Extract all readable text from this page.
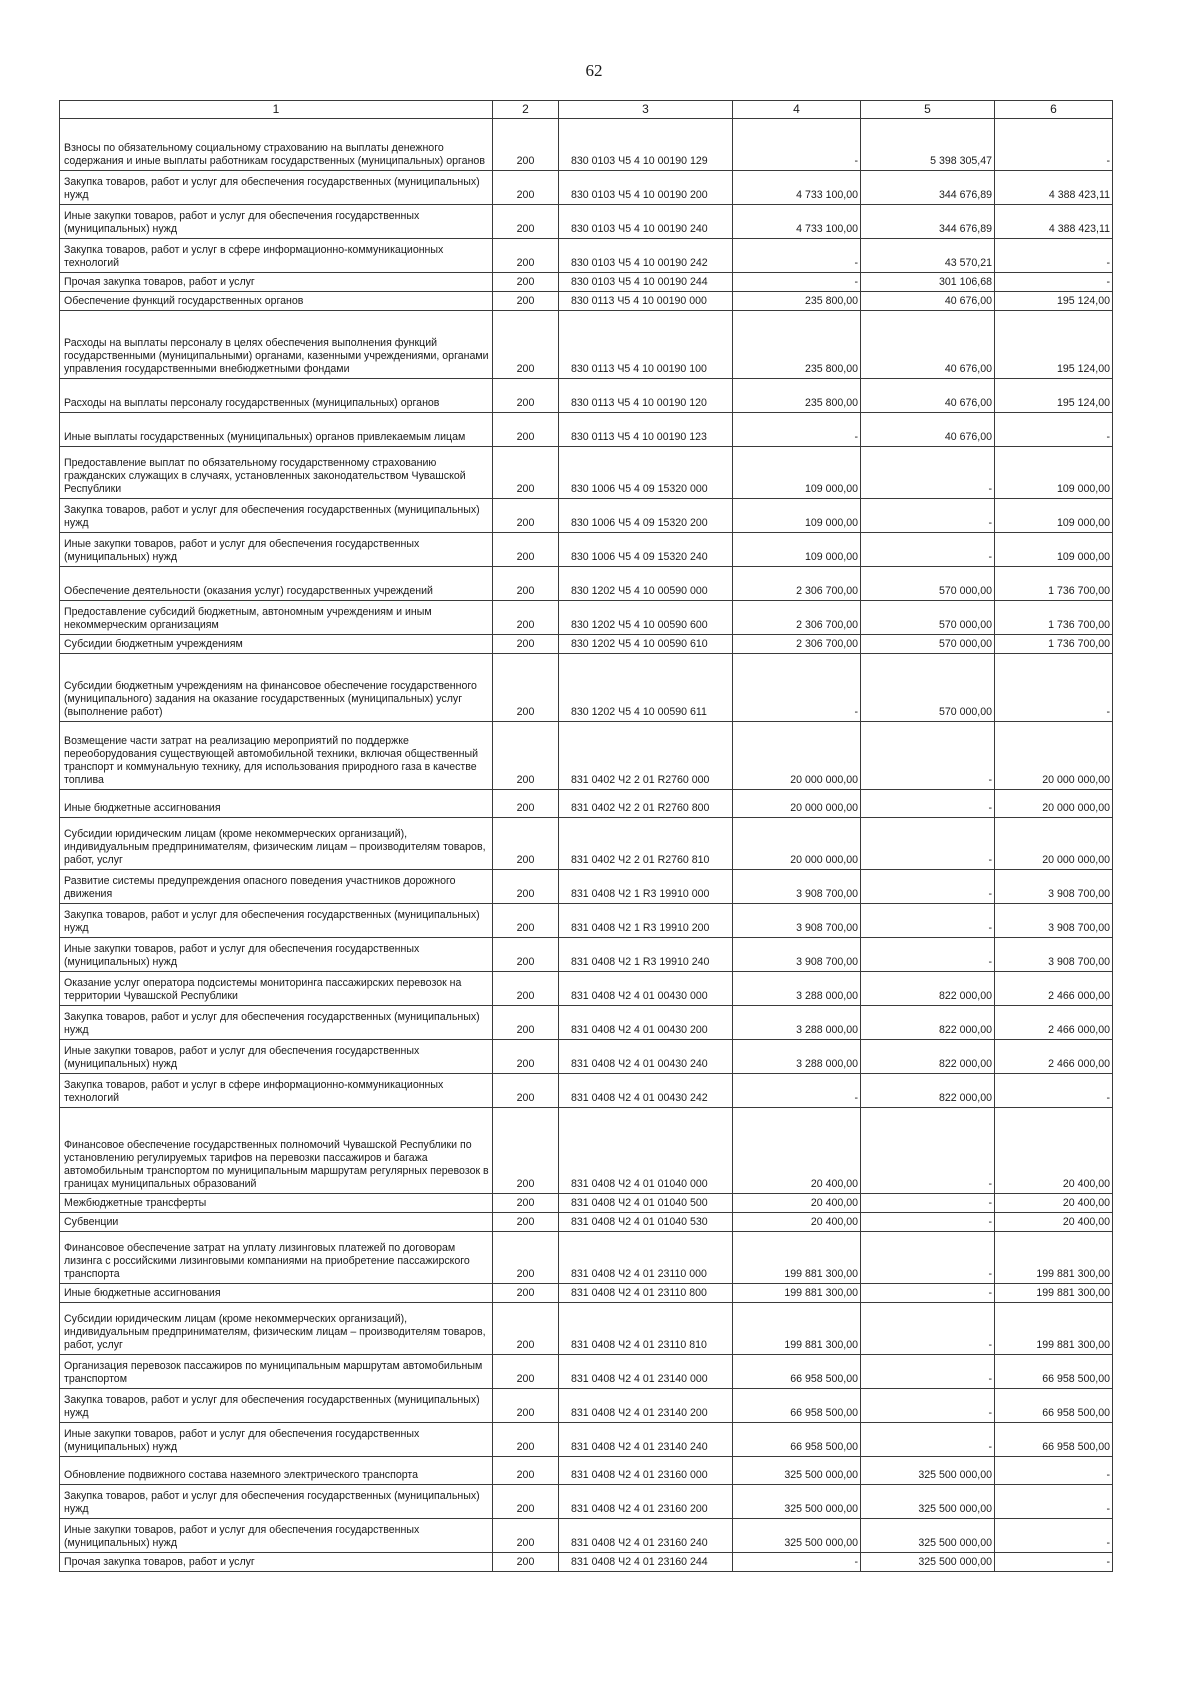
62
1	2	3	4	5	6
Взносы по обязательному социальному страхованию на выплаты денежного содержания и иные выплаты работникам государственных (муниципальных) органов	200	830 0103 Ч5 4 10 00190 129	-	5 398 305,47	-
Закупка товаров, работ и услуг для обеспечения государственных (муниципальных) нужд	200	830 0103 Ч5 4 10 00190 200	4 733 100,00	344 676,89	4 388 423,11
Иные закупки товаров, работ и услуг для обеспечения государственных (муниципальных) нужд	200	830 0103 Ч5 4 10 00190 240	4 733 100,00	344 676,89	4 388 423,11
Закупка товаров, работ и услуг в сфере информационно-коммуникационных технологий	200	830 0103 Ч5 4 10 00190 242	-	43 570,21	-
Прочая закупка товаров, работ и услуг	200	830 0103 Ч5 4 10 00190 244	-	301 106,68	-
Обеспечение функций государственных органов	200	830 0113 Ч5 4 10 00190 000	235 800,00	40 676,00	195 124,00
Расходы на выплаты персоналу в целях обеспечения выполнения функций государственными (муниципальными) органами, казенными учреждениями, органами управления государственными внебюджетными фондами	200	830 0113 Ч5 4 10 00190 100	235 800,00	40 676,00	195 124,00
Расходы на выплаты персоналу государственных (муниципальных) органов	200	830 0113 Ч5 4 10 00190 120	235 800,00	40 676,00	195 124,00
Иные выплаты государственных (муниципальных) органов привлекаемым лицам	200	830 0113 Ч5 4 10 00190 123	-	40 676,00	-
Предоставление выплат по обязательному государственному страхованию гражданских служащих в случаях, установленных законодательством Чувашской Республики	200	830 1006 Ч5 4 09 15320 000	109 000,00	-	109 000,00
Закупка товаров, работ и услуг для обеспечения государственных (муниципальных) нужд	200	830 1006 Ч5 4 09 15320 200	109 000,00	-	109 000,00
Иные закупки товаров, работ и услуг для обеспечения государственных (муниципальных) нужд	200	830 1006 Ч5 4 09 15320 240	109 000,00	-	109 000,00
Обеспечение деятельности (оказания услуг) государственных учреждений	200	830 1202 Ч5 4 10 00590 000	2 306 700,00	570 000,00	1 736 700,00
Предоставление субсидий бюджетным, автономным учреждениям и иным некоммерческим организациям	200	830 1202 Ч5 4 10 00590 600	2 306 700,00	570 000,00	1 736 700,00
Субсидии бюджетным учреждениям	200	830 1202 Ч5 4 10 00590 610	2 306 700,00	570 000,00	1 736 700,00
Субсидии бюджетным учреждениям на финансовое обеспечение государственного (муниципального) задания на оказание государственных (муниципальных) услуг (выполнение работ)	200	830 1202 Ч5 4 10 00590 611	-	570 000,00	-
Возмещение части затрат на реализацию мероприятий по поддержке переоборудования существующей автомобильной техники, включая общественный транспорт и коммунальную технику, для использования природного газа в качестве топлива	200	831 0402 Ч2 2 01 R2760 000	20 000 000,00	-	20 000 000,00
Иные бюджетные ассигнования	200	831 0402 Ч2 2 01 R2760 800	20 000 000,00	-	20 000 000,00
Субсидии юридическим лицам (кроме некоммерческих организаций), индивидуальным предпринимателям, физическим лицам – производителям товаров, работ, услуг	200	831 0402 Ч2 2 01 R2760 810	20 000 000,00	-	20 000 000,00
Развитие системы предупреждения опасного поведения участников дорожного движения	200	831 0408 Ч2 1 R3 19910 000	3 908 700,00	-	3 908 700,00
Закупка товаров, работ и услуг для обеспечения государственных (муниципальных) нужд	200	831 0408 Ч2 1 R3 19910 200	3 908 700,00	-	3 908 700,00
Иные закупки товаров, работ и услуг для обеспечения государственных (муниципальных) нужд	200	831 0408 Ч2 1 R3 19910 240	3 908 700,00	-	3 908 700,00
Оказание услуг оператора подсистемы мониторинга пассажирских перевозок на территории Чувашской Республики	200	831 0408 Ч2 4 01 00430 000	3 288 000,00	822 000,00	2 466 000,00
Закупка товаров, работ и услуг для обеспечения государственных (муниципальных) нужд	200	831 0408 Ч2 4 01 00430 200	3 288 000,00	822 000,00	2 466 000,00
Иные закупки товаров, работ и услуг для обеспечения государственных (муниципальных) нужд	200	831 0408 Ч2 4 01 00430 240	3 288 000,00	822 000,00	2 466 000,00
Закупка товаров, работ и услуг в сфере информационно-коммуникационных технологий	200	831 0408 Ч2 4 01 00430 242	-	822 000,00	-
Финансовое обеспечение государственных полномочий Чувашской Республики по установлению регулируемых тарифов на перевозки пассажиров и багажа автомобильным транспортом по муниципальным маршрутам регулярных перевозок в границах муниципальных образований	200	831 0408 Ч2 4 01 01040 000	20 400,00	-	20 400,00
Межбюджетные трансферты	200	831 0408 Ч2 4 01 01040 500	20 400,00	-	20 400,00
Субвенции	200	831 0408 Ч2 4 01 01040 530	20 400,00	-	20 400,00
Финансовое обеспечение затрат на уплату лизинговых платежей по договорам лизинга с российскими лизинговыми компаниями на приобретение пассажирского транспорта	200	831 0408 Ч2 4 01 23110 000	199 881 300,00	-	199 881 300,00
Иные бюджетные ассигнования	200	831 0408 Ч2 4 01 23110 800	199 881 300,00	-	199 881 300,00
Субсидии юридическим лицам (кроме некоммерческих организаций), индивидуальным предпринимателям, физическим лицам – производителям товаров, работ, услуг	200	831 0408 Ч2 4 01 23110 810	199 881 300,00	-	199 881 300,00
Организация перевозок пассажиров по муниципальным маршрутам автомобильным транспортом	200	831 0408 Ч2 4 01 23140 000	66 958 500,00	-	66 958 500,00
Закупка товаров, работ и услуг для обеспечения государственных (муниципальных) нужд	200	831 0408 Ч2 4 01 23140 200	66 958 500,00	-	66 958 500,00
Иные закупки товаров, работ и услуг для обеспечения государственных (муниципальных) нужд	200	831 0408 Ч2 4 01 23140 240	66 958 500,00	-	66 958 500,00
Обновление подвижного состава наземного электрического транспорта	200	831 0408 Ч2 4 01 23160 000	325 500 000,00	325 500 000,00	-
Закупка товаров, работ и услуг для обеспечения государственных (муниципальных) нужд	200	831 0408 Ч2 4 01 23160 200	325 500 000,00	325 500 000,00	-
Иные закупки товаров, работ и услуг для обеспечения государственных (муниципальных) нужд	200	831 0408 Ч2 4 01 23160 240	325 500 000,00	325 500 000,00	-
Прочая закупка товаров, работ и услуг	200	831 0408 Ч2 4 01 23160 244	-	325 500 000,00	-
